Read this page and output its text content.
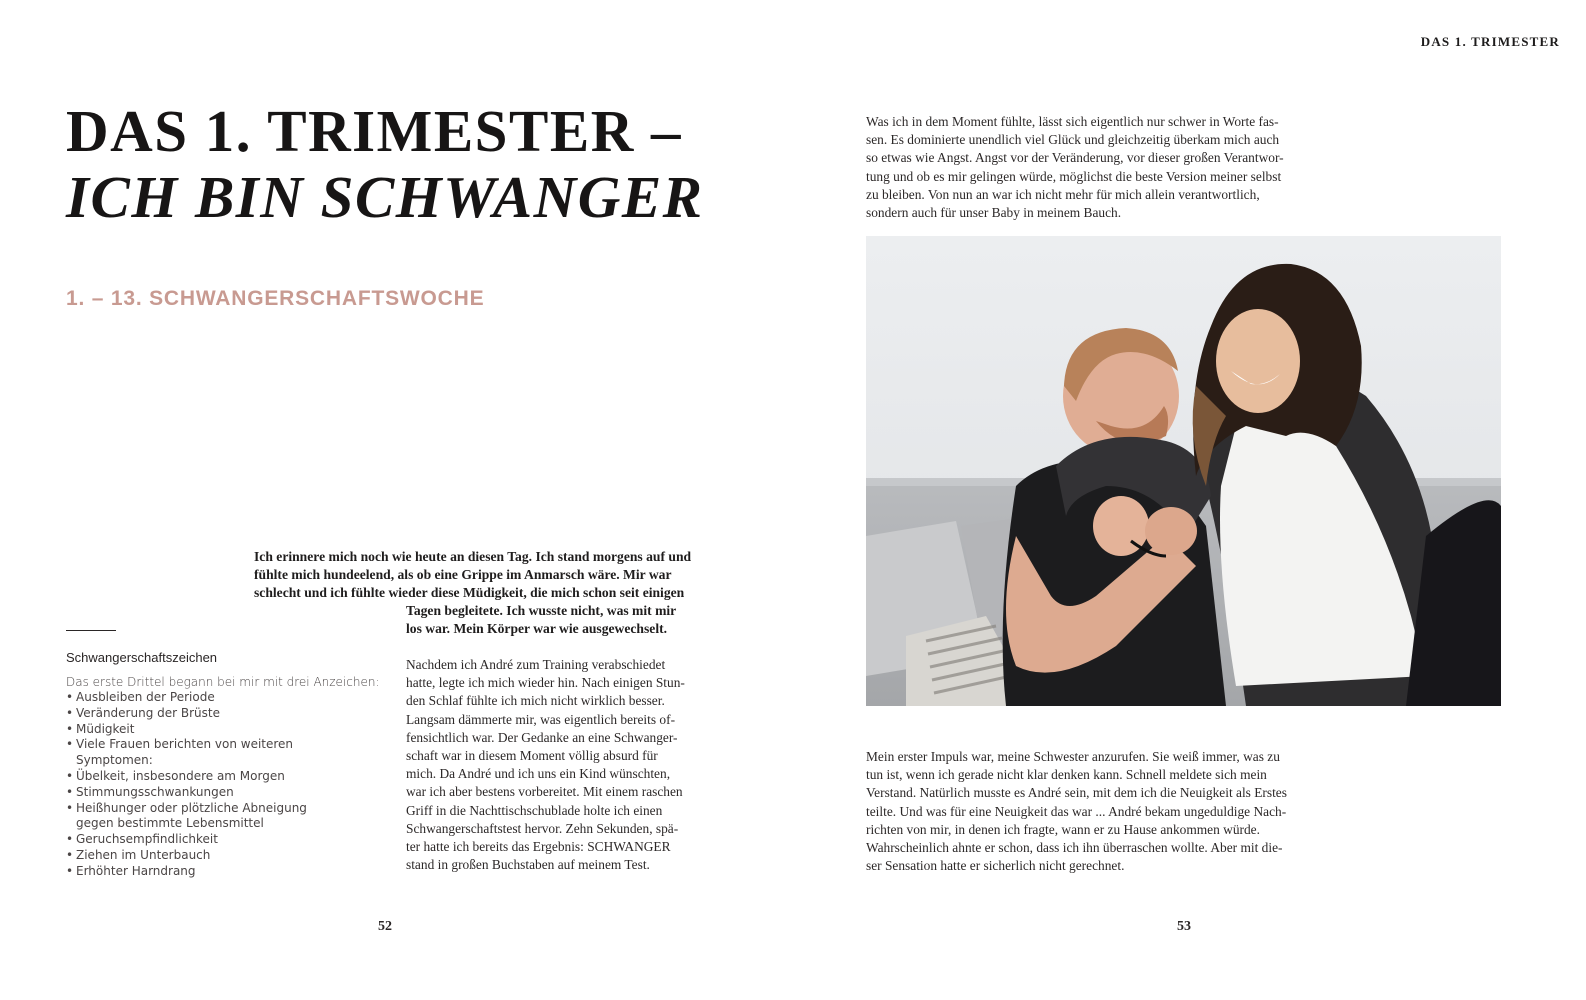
DAS 1. TRIMESTER
DAS 1. TRIMESTER –
ICH BIN SCHWANGER
1. – 13. SCHWANGERSCHAFTSWOCHE
Ich erinnere mich noch wie heute an diesen Tag. Ich stand morgens auf und
fühlte mich hundeelend, als ob eine Grippe im Anmarsch wäre. Mir war
schlecht und ich fühlte wieder diese Müdigkeit, die mich schon seit einigen
Tagen begleitete. Ich wusste nicht, was mit mir
los war. Mein Körper war wie ausgewechselt.
Schwangerschaftszeichen
Das erste Drittel begann bei mir mit drei Anzeichen:
• Ausbleiben der Periode
• Veränderung der Brüste
• Müdigkeit
• Viele Frauen berichten von weiteren Symptomen:
• Übelkeit, insbesondere am Morgen
• Stimmungsschwankungen
• Heißhunger oder plötzliche Abneigung gegen bestimmte Lebensmittel
• Geruchsempfindlichkeit
• Ziehen im Unterbauch
• Erhöhter Harndrang
Nachdem ich André zum Training verabschiedet
hatte, legte ich mich wieder hin. Nach einigen Stun-
den Schlaf fühlte ich mich nicht wirklich besser.
Langsam dämmerte mir, was eigentlich bereits of-
fensichtlich war. Der Gedanke an eine Schwanger-
schaft war in diesem Moment völlig absurd für
mich. Da André und ich uns ein Kind wünschten,
war ich aber bestens vorbereitet. Mit einem raschen
Griff in die Nachttischschublade holte ich einen
Schwangerschaftstest hervor. Zehn Sekunden, spä-
ter hatte ich bereits das Ergebnis: SCHWANGER
stand in großen Buchstaben auf meinem Test.
52
Was ich in dem Moment fühlte, lässt sich eigentlich nur schwer in Worte fas-
sen. Es dominierte unendlich viel Glück und gleichzeitig überkam mich auch
so etwas wie Angst. Angst vor der Veränderung, vor dieser großen Verantwor-
tung und ob es mir gelingen würde, möglichst die beste Version meiner selbst
zu bleiben. Von nun an war ich nicht mehr für mich allein verantwortlich,
sondern auch für unser Baby in meinem Bauch.
Mein erster Impuls war, meine Schwester anzurufen. Sie weiß immer, was zu
tun ist, wenn ich gerade nicht klar denken kann. Schnell meldete sich mein
Verstand. Natürlich musste es André sein, mit dem ich die Neuigkeit als Erstes
teilte. Und was für eine Neuigkeit das war ... André bekam ungeduldige Nach-
richten von mir, in denen ich fragte, wann er zu Hause ankommen würde.
Wahrscheinlich ahnte er schon, dass ich ihn überraschen wollte. Aber mit die-
ser Sensation hatte er sicherlich nicht gerechnet.
53
